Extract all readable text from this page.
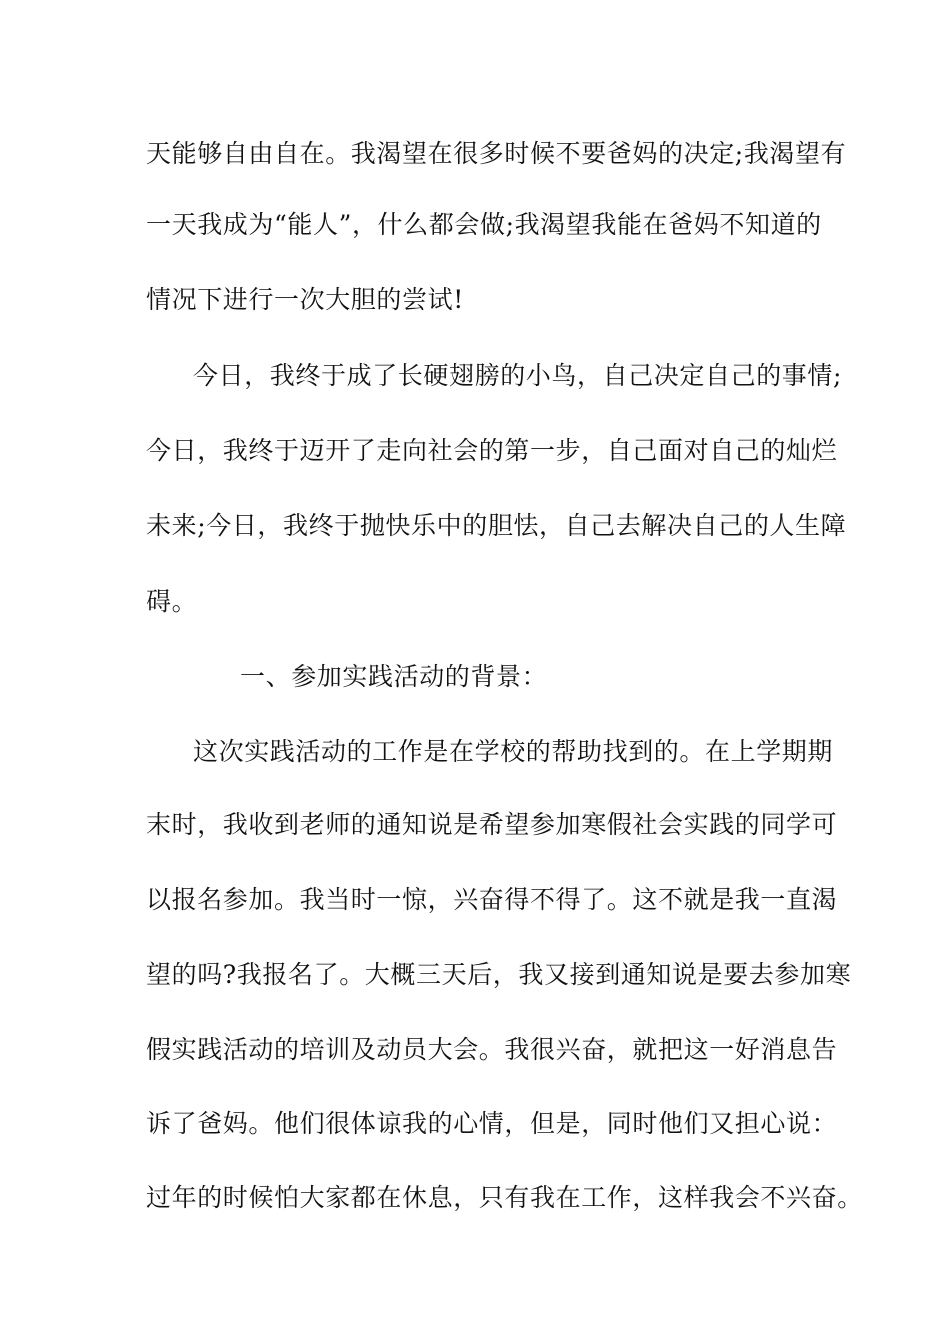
天能够自由自在。我渴望在很多时候不要爸妈的决定;我渴望有
一天我成为“能人”，什么都会做;我渴望我能在爸妈不知道的
情况下进行一次大胆的尝试!
今日，我终于成了长硬翅膀的小鸟，自己决定自己的事情;
今日，我终于迈开了走向社会的第一步，自己面对自己的灿烂
未来;今日，我终于抛快乐中的胆怯，自己去解决自己的人生障
碍。
一、参加实践活动的背景：
这次实践活动的工作是在学校的帮助找到的。在上学期期
末时，我收到老师的通知说是希望参加寒假社会实践的同学可
以报名参加。我当时一惊，兴奋得不得了。这不就是我一直渴
望的吗?我报名了。大概三天后，我又接到通知说是要去参加寒
假实践活动的培训及动员大会。我很兴奋，就把这一好消息告
诉了爸妈。他们很体谅我的心情，但是，同时他们又担心说：
过年的时候怕大家都在休息，只有我在工作，这样我会不兴奋。
